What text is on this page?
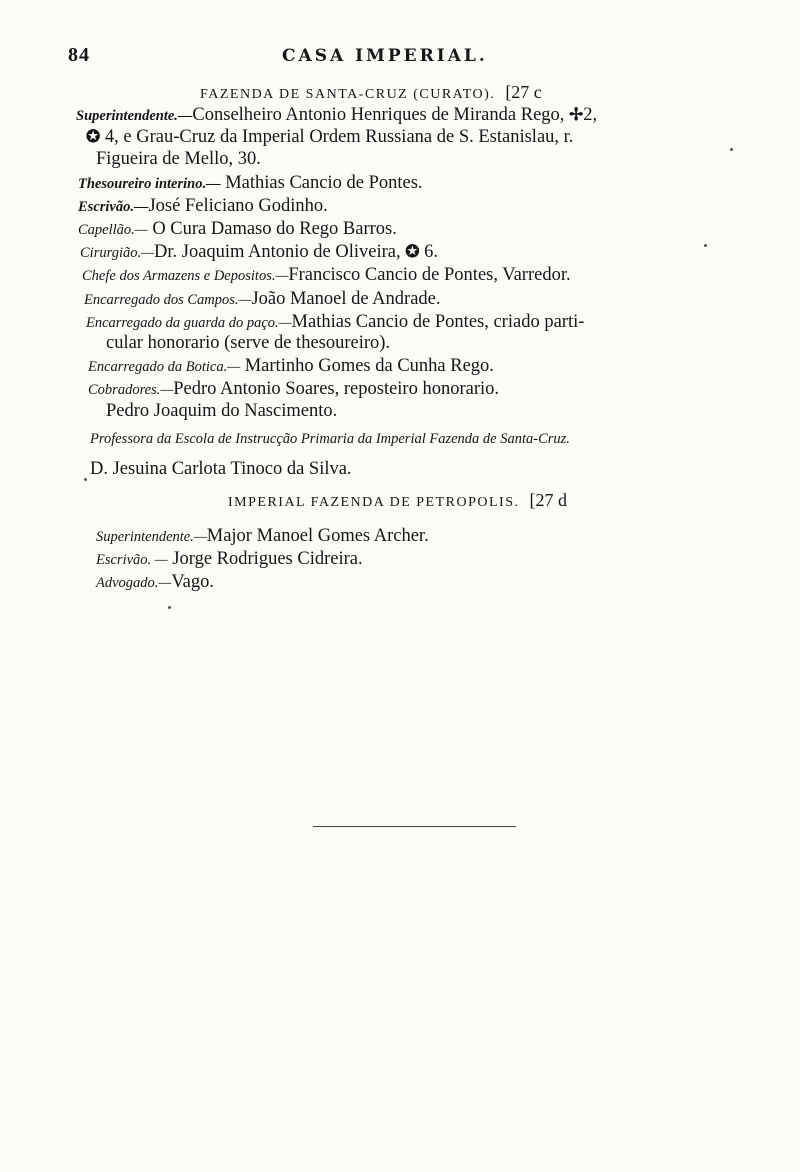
84	CASA IMPERIAL.
FAZENDA DE SANTA-CRUZ (CURATO). [27 c
Superintendente.—Conselheiro Antonio Henriques de Miranda Rego, ✢2,
✪ 4, e Grau-Cruz da Imperial Ordem Russiana de S. Estanislau, r.
Figueira de Mello, 30.
Thesoureiro interino.— Mathias Cancio de Pontes.
Escrivão.—José Feliciano Godinho.
Capellão.— O Cura Damaso do Rego Barros.
Cirurgião.—Dr. Joaquim Antonio de Oliveira, ✪ 6.
Chefe dos Armazens e Depositos.—Francisco Cancio de Pontes, Varredor.
Encarregado dos Campos.—João Manoel de Andrade.
Encarregado da guarda do paço.—Mathias Cancio de Pontes, criado parti-
cular honorario (serve de thesoureiro).
Encarregado da Botica.— Martinho Gomes da Cunha Rego.
Cobradores.—Pedro Antonio Soares, reposteiro honorario.
Pedro Joaquim do Nascimento.
Professora da Escola de Instrucção Primaria da Imperial Fazenda de Santa-Cruz.
D. Jesuina Carlota Tinoco da Silva.
IMPERIAL FAZENDA DE PETROPOLIS. [27 d
Superintendente.—Major Manoel Gomes Archer.
Escrivão. — Jorge Rodrigues Cidreira.
Advogado.—Vago.
